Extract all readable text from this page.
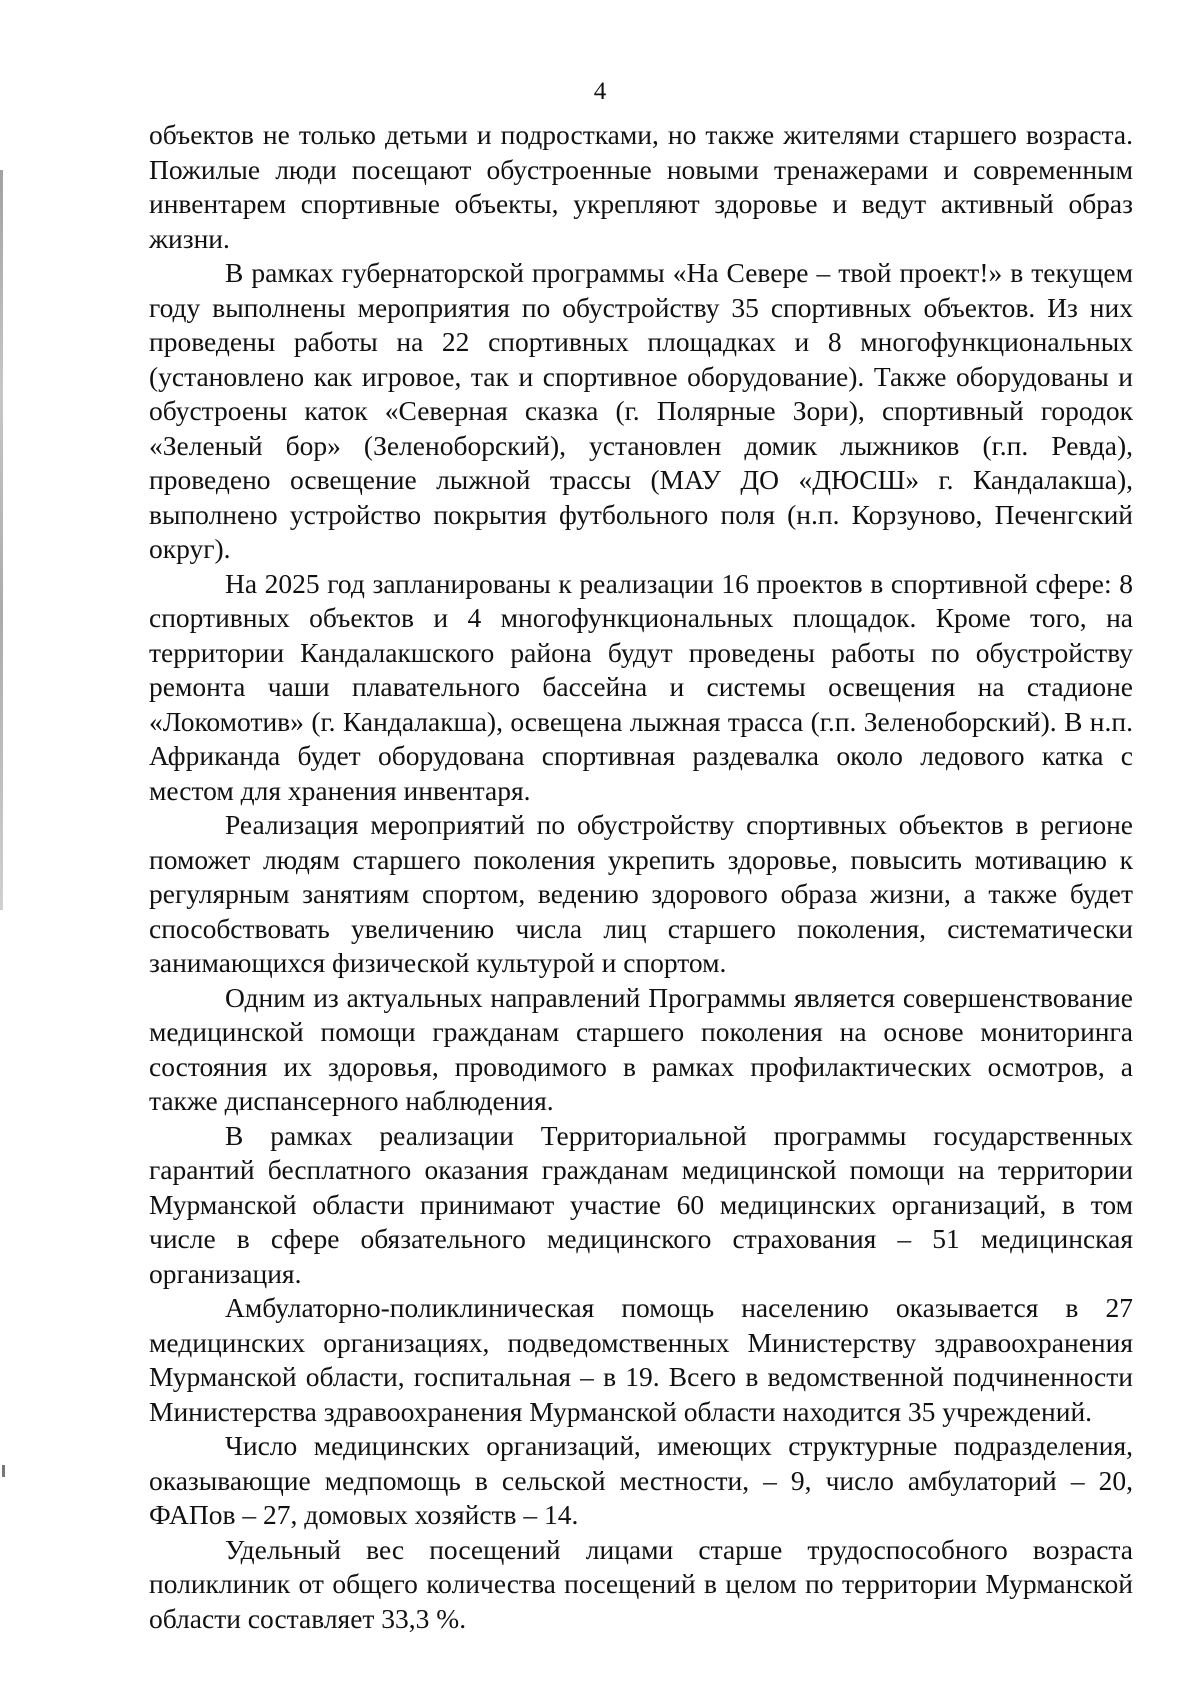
4

объектов не только детьми и подростками, но также жителями старшего возраста. Пожилые люди посещают обустроенные новыми тренажерами и современным инвентарем спортивные объекты, укрепляют здоровье и ведут активный образ жизни.

В рамках губернаторской программы «На Севере – твой проект!» в текущем году выполнены мероприятия по обустройству 35 спортивных объектов. Из них проведены работы на 22 спортивных площадках и 8 многофункциональных (установлено как игровое, так и спортивное оборудование). Также оборудованы и обустроены каток «Северная сказка (г. Полярные Зори), спортивный городок «Зеленый бор» (Зеленоборский), установлен домик лыжников (г.п. Ревда), проведено освещение лыжной трассы (МАУ ДО «ДЮСШ» г. Кандалакша), выполнено устройство покрытия футбольного поля (н.п. Корзуново, Печенгский округ).

На 2025 год запланированы к реализации 16 проектов в спортивной сфере: 8 спортивных объектов и 4 многофункциональных площадок. Кроме того, на территории Кандалакшского района будут проведены работы по обустройству ремонта чаши плавательного бассейна и системы освещения на стадионе «Локомотив» (г. Кандалакша), освещена лыжная трасса (г.п. Зеленоборский). В н.п. Африканда будет оборудована спортивная раздевалка около ледового катка с местом для хранения инвентаря.

Реализация мероприятий по обустройству спортивных объектов в регионе поможет людям старшего поколения укрепить здоровье, повысить мотивацию к регулярным занятиям спортом, ведению здорового образа жизни, а также будет способствовать увеличению числа лиц старшего поколения, систематически занимающихся физической культурой и спортом.

Одним из актуальных направлений Программы является совершенствование медицинской помощи гражданам старшего поколения на основе мониторинга состояния их здоровья, проводимого в рамках профилактических осмотров, а также диспансерного наблюдения.

В рамках реализации Территориальной программы государственных гарантий бесплатного оказания гражданам медицинской помощи на территории Мурманской области принимают участие 60 медицинских организаций, в том числе в сфере обязательного медицинского страхования – 51 медицинская организация.

Амбулаторно-поликлиническая помощь населению оказывается в 27 медицинских организациях, подведомственных Министерству здравоохранения Мурманской области, госпитальная – в 19. Всего в ведомственной подчиненности Министерства здравоохранения Мурманской области находится 35 учреждений.

Число медицинских организаций, имеющих структурные подразделения, оказывающие медпомощь в сельской местности, – 9, число амбулаторий – 20, ФАПов – 27, домовых хозяйств – 14.

Удельный вес посещений лицами старше трудоспособного возраста поликлиник от общего количества посещений в целом по территории Мурманской области составляет 33,3 %.
